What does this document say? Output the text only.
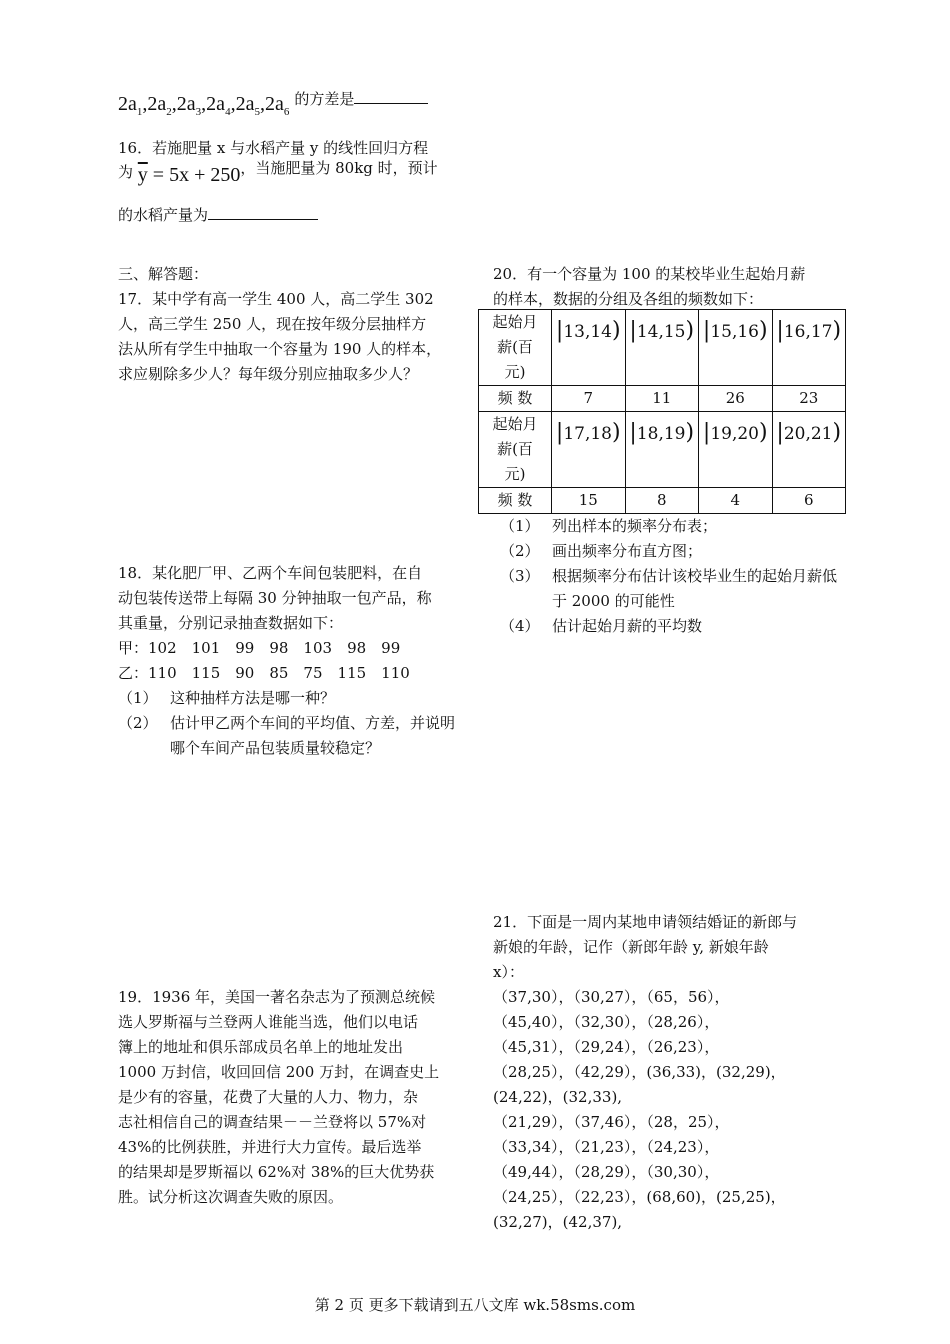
$2a_1,2a_2,2a_3,2a_4,2a_5,2a_6$ 的方差是
16．若施肥量 x 与水稻产量 y 的线性回归方程
为 $\overline{y} = 5x + 250$，当施肥量为 80kg 时，预计
的水稻产量为
三、解答题：
17．某中学有高一学生 400 人，高二学生 302
人，高三学生 250 人，现在按年级分层抽样方
法从所有学生中抽取一个容量为 190 人的样本，
求应剔除多少人？每年级分别应抽取多少人？
18．某化肥厂甲、乙两个车间包装肥料，在自
动包装传送带上每隔 30 分钟抽取一包产品，称
其重量，分别记录抽查数据如下：
甲：102　101　99　98　103　98　99
乙：110　115　90　85　75　115　110
（1） 这种抽样方法是哪一种？
（2） 估计甲乙两个车间的平均值、方差，并说明哪个车间产品包装质量较稳定？
19．1936 年，美国一著名杂志为了预测总统候
选人罗斯福与兰登两人谁能当选，他们以电话
簿上的地址和俱乐部成员名单上的地址发出
1000 万封信，收回回信 200 万封，在调查史上
是少有的容量，花费了大量的人力、物力，杂
志社相信自己的调查结果－－兰登将以 57%对
43%的比例获胜，并进行大力宣传。最后选举
的结果却是罗斯福以 62%对 38%的巨大优势获
胜。试分析这次调查失败的原因。
20．有一个容量为 100 的某校毕业生起始月薪
的样本，数据的分组及各组的频数如下：
起始月
薪(百
元)	|13,14)	|14,15)	|15,16)	|16,17)
频 数	7	11	26	23
起始月
薪(百
元)	|17,18)	|18,19)	|19,20)	|20,21)
频 数	15	8	4	6
（1） 列出样本的频率分布表；
（2） 画出频率分布直方图；
（3） 根据频率分布估计该校毕业生的起始月薪低于 2000 的可能性
（4） 估计起始月薪的平均数
21．下面是一周内某地申请领结婚证的新郎与
新娘的年龄，记作（新郎年龄 y, 新娘年龄
x）：
（37,30），（30,27），（65，56），
（45,40），（32,30），（28,26），
（45,31），（29,24），（26,23），
（28,25），（42,29），(36,33)，(32,29)，
(24,22)，(32,33),
（21,29），（37,46），（28，25），
（33,34），（21,23），（24,23），
（49,44），（28,29），（30,30），
（24,25），（22,23），(68,60)，(25,25)，
(32,27)，(42,37),
第 2 页 更多下载请到五八文库 wk.58sms.com
